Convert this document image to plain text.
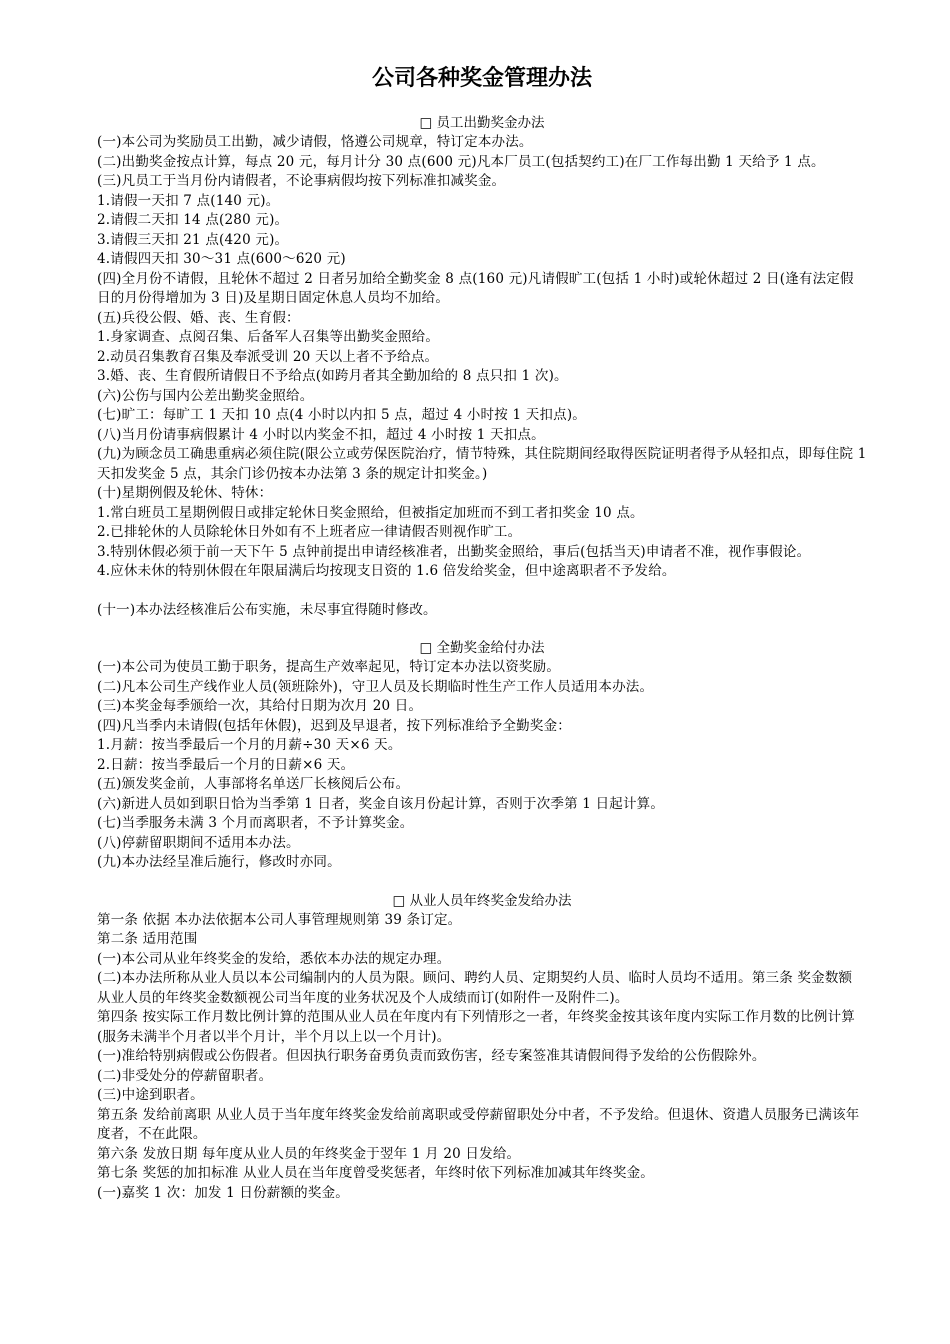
公司各种奖金管理办法
□ 员工出勤奖金办法
(一)本公司为奖励员工出勤，减少请假，恪遵公司规章，特订定本办法。
(二)出勤奖金按点计算，每点 20 元，每月计分 30 点(600 元)凡本厂员工(包括契约工)在厂工作每出勤 1 天给予 1 点。
(三)凡员工于当月份内请假者，不论事病假均按下列标准扣减奖金。
1.请假一天扣 7 点(140 元)。
2.请假二天扣 14 点(280 元)。
3.请假三天扣 21 点(420 元)。
4.请假四天扣 30～31 点(600～620 元)
(四)全月份不请假，且轮休不超过 2 日者另加给全勤奖金 8 点(160 元)凡请假旷工(包括 1 小时)或轮休超过 2 日(逢有法定假日的月份得增加为 3 日)及星期日固定休息人员均不加给。
(五)兵役公假、婚、丧、生育假：
1.身家调查、点阅召集、后备军人召集等出勤奖金照给。
2.动员召集教育召集及奉派受训 20 天以上者不予给点。
3.婚、丧、生育假所请假日不予给点(如跨月者其全勤加给的 8 点只扣 1 次)。
(六)公伤与国内公差出勤奖金照给。
(七)旷工：每旷工 1 天扣 10 点(4 小时以内扣 5 点，超过 4 小时按 1 天扣点)。
(八)当月份请事病假累计 4 小时以内奖金不扣，超过 4 小时按 1 天扣点。
(九)为顾念员工确患重病必须住院(限公立或劳保医院治疗，情节特殊，其住院期间经取得医院证明者得予从轻扣点，即每住院 1 天扣发奖金 5 点，其余门诊仍按本办法第 3 条的规定计扣奖金。)
(十)星期例假及轮休、特休：
1.常白班员工星期例假日或排定轮休日奖金照给，但被指定加班而不到工者扣奖金 10 点。
2.已排轮休的人员除轮休日外如有不上班者应一律请假否则视作旷工。
3.特别休假必须于前一天下午 5 点钟前提出申请经核准者，出勤奖金照给，事后(包括当天)申请者不准，视作事假论。
4.应休未休的特别休假在年限届满后均按现支日资的 1.6 倍发给奖金，但中途离职者不予发给。
(十一)本办法经核准后公布实施，未尽事宜得随时修改。
□ 全勤奖金给付办法
(一)本公司为使员工勤于职务，提高生产效率起见，特订定本办法以资奖励。
(二)凡本公司生产线作业人员(领班除外)，守卫人员及长期临时性生产工作人员适用本办法。
(三)本奖金每季颁给一次，其给付日期为次月 20 日。
(四)凡当季内未请假(包括年休假)，迟到及早退者，按下列标准给予全勤奖金：
1.月薪：按当季最后一个月的月薪÷30 天×6 天。
2.日薪：按当季最后一个月的日薪×6 天。
(五)颁发奖金前，人事部将名单送厂长核阅后公布。
(六)新进人员如到职日恰为当季第 1 日者，奖金自该月份起计算，否则于次季第 1 日起计算。
(七)当季服务未满 3 个月而离职者，不予计算奖金。
(八)停薪留职期间不适用本办法。
(九)本办法经呈准后施行，修改时亦同。
□ 从业人员年终奖金发给办法
第一条 依据 本办法依据本公司人事管理规则第 39 条订定。
第二条 适用范围
(一)本公司从业年终奖金的发给，悉依本办法的规定办理。
(二)本办法所称从业人员以本公司编制内的人员为限。顾问、聘约人员、定期契约人员、临时人员均不适用。第三条 奖金数额 从业人员的年终奖金数额视公司当年度的业务状况及个人成绩而订(如附件一及附件二)。
第四条 按实际工作月数比例计算的范围从业人员在年度内有下列情形之一者，年终奖金按其该年度内实际工作月数的比例计算(服务未满半个月者以半个月计，半个月以上以一个月计)。
(一)准给特别病假或公伤假者。但因执行职务奋勇负责而致伤害，经专案签准其请假间得予发给的公伤假除外。
(二)非受处分的停薪留职者。
(三)中途到职者。
第五条 发给前离职 从业人员于当年度年终奖金发给前离职或受停薪留职处分中者，不予发给。但退休、资遣人员服务已满该年度者，不在此限。
第六条 发放日期 每年度从业人员的年终奖金于翌年 1 月 20 日发给。
第七条 奖惩的加扣标准 从业人员在当年度曾受奖惩者，年终时依下列标准加减其年终奖金。
(一)嘉奖 1 次：加发 1 日份薪额的奖金。
